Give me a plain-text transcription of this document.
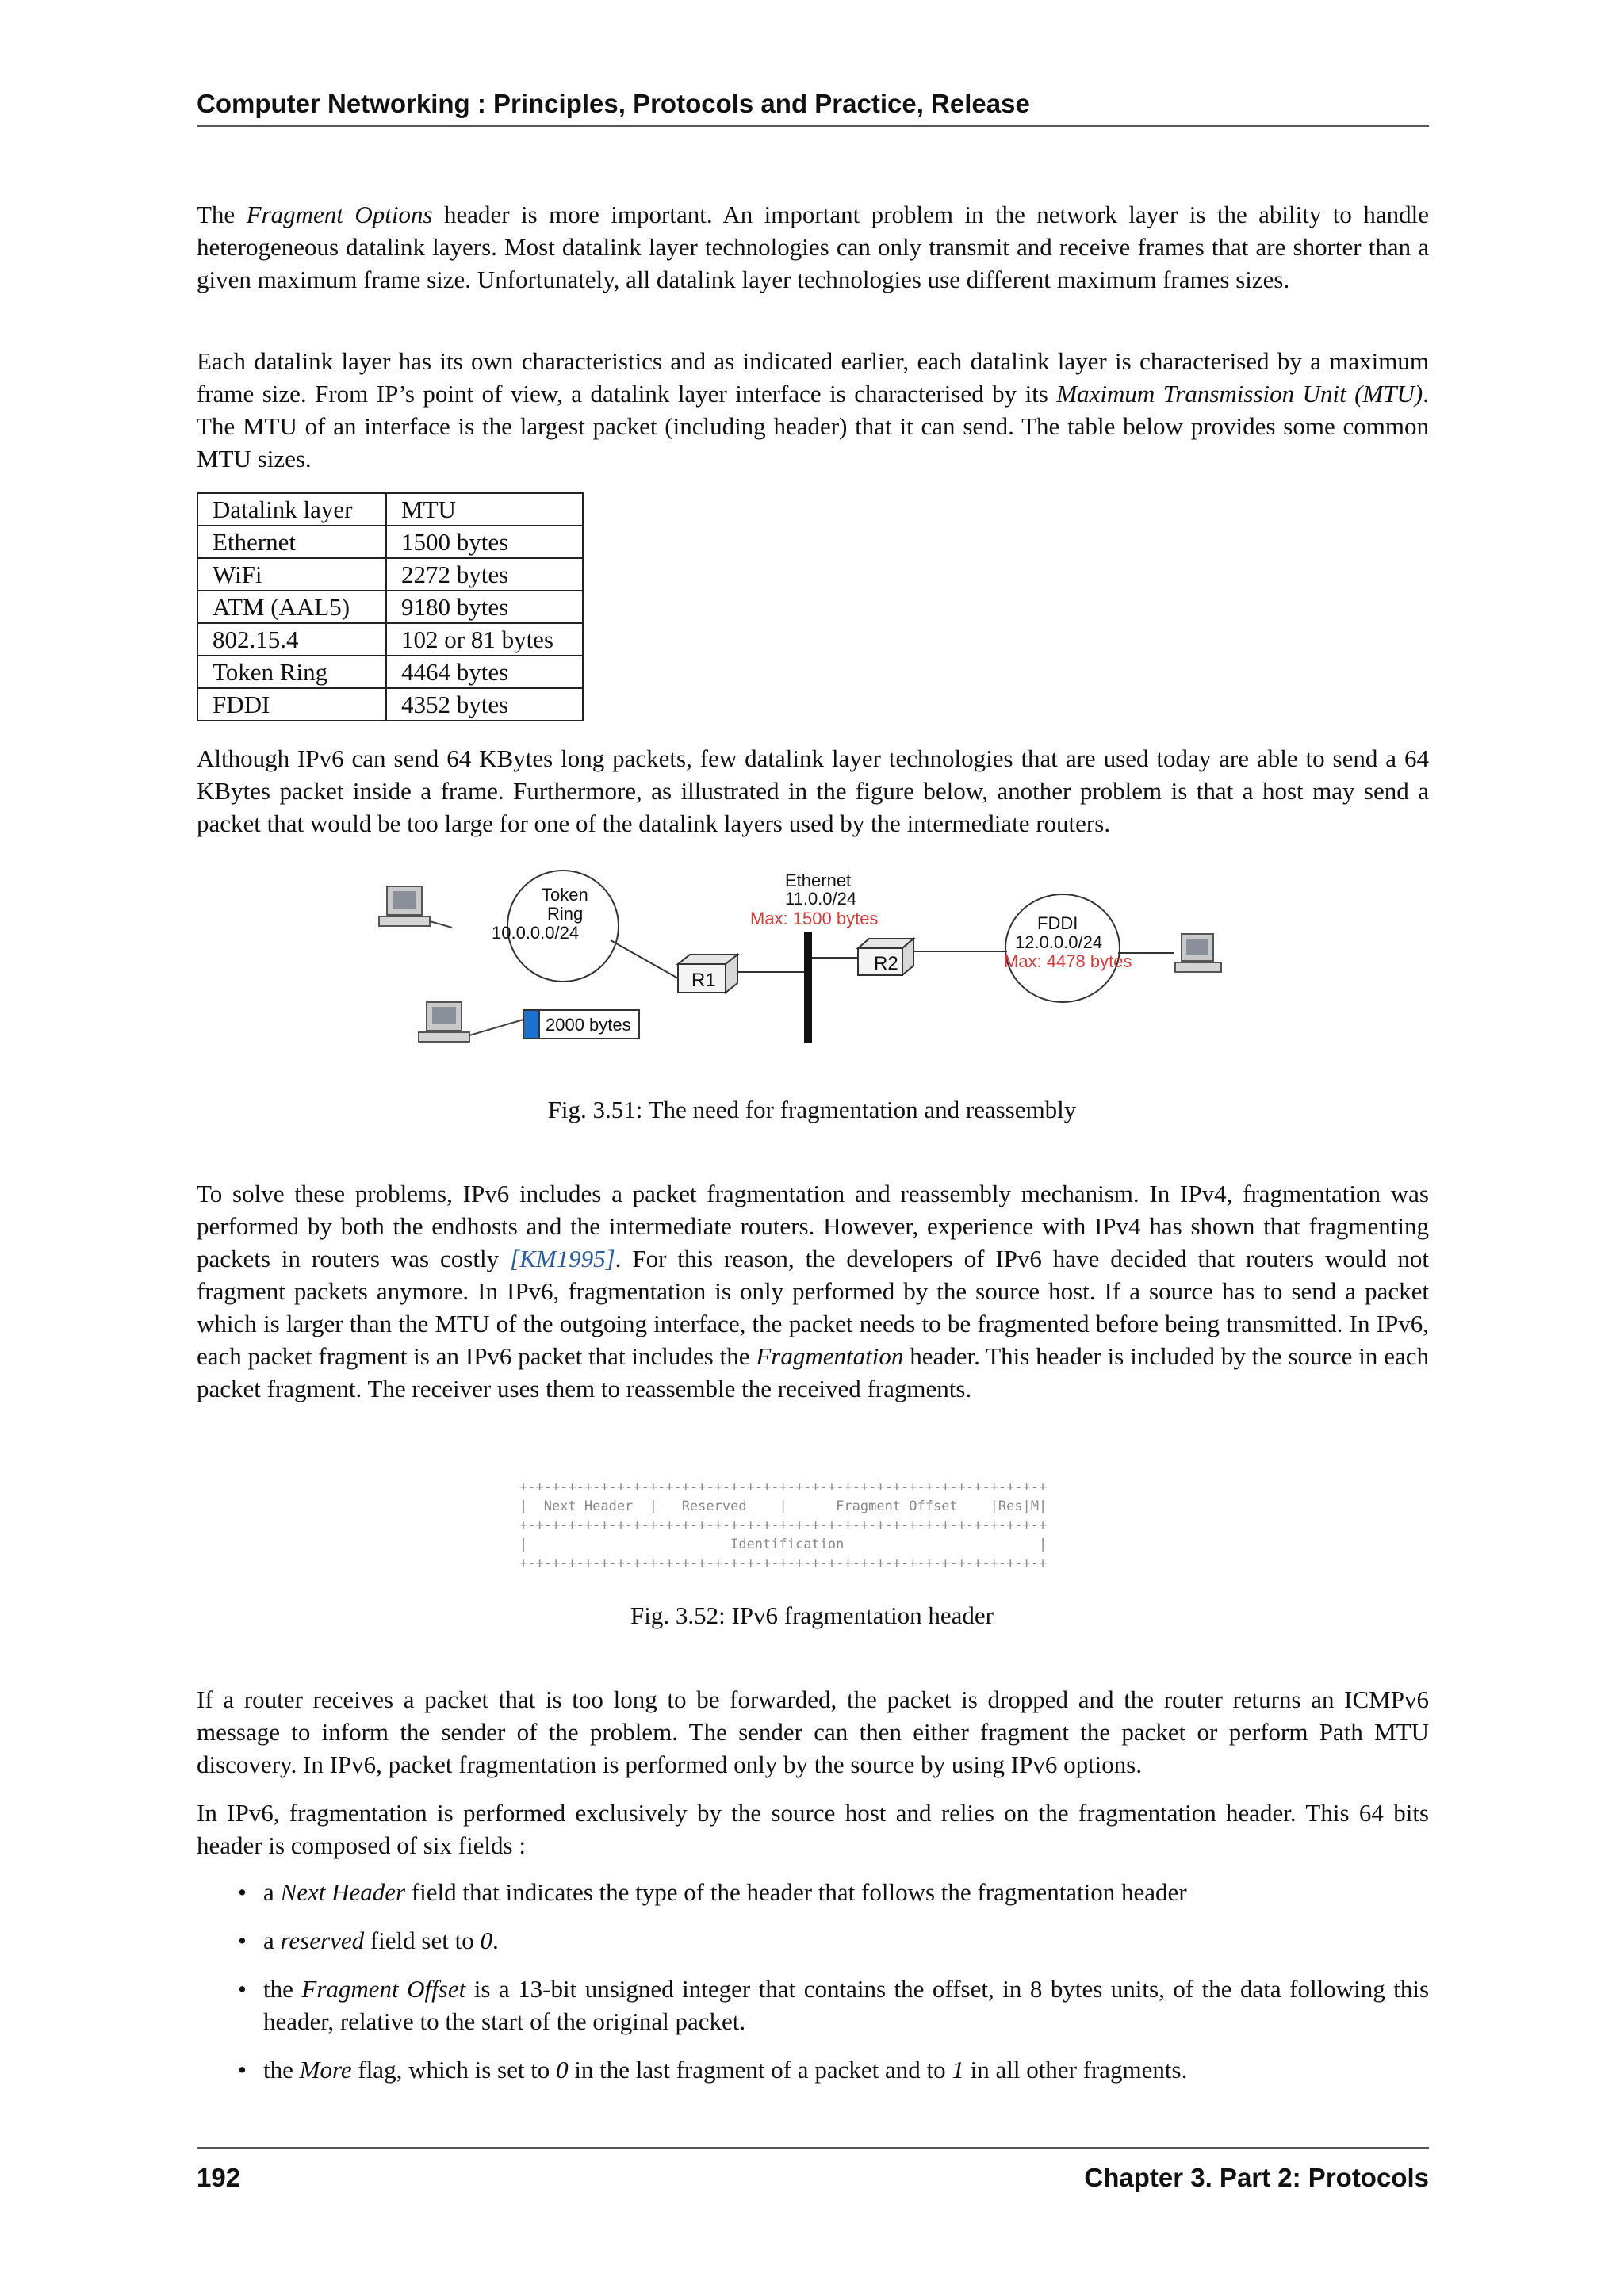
Computer Networking : Principles, Protocols and Practice, Release

The Fragment Options header is more important. An important problem in the network layer is the ability to handle heterogeneous datalink layers. Most datalink layer technologies can only transmit and receive frames that are shorter than a given maximum frame size. Unfortunately, all datalink layer technologies use different maximum frames sizes.

Each datalink layer has its own characteristics and as indicated earlier, each datalink layer is characterised by a maximum frame size. From IP’s point of view, a datalink layer interface is characterised by its Maximum Transmission Unit (MTU). The MTU of an interface is the largest packet (including header) that it can send. The table below provides some common MTU sizes.

Datalink layer	MTU
Ethernet	1500 bytes
WiFi	2272 bytes
ATM (AAL5)	9180 bytes
802.15.4	102 or 81 bytes
Token Ring	4464 bytes
FDDI	4352 bytes

Although IPv6 can send 64 KBytes long packets, few datalink layer technologies that are used today are able to send a 64 KBytes packet inside a frame. Furthermore, as illustrated in the figure below, another problem is that a host may send a packet that would be too large for one of the datalink layers used by the intermediate routers.

Token
Ring
10.0.0.0/24
R1
Ethernet
11.0.0/24
Max: 1500 bytes
R2
FDDI
12.0.0.0/24
Max: 4478 bytes
2000 bytes
Fig. 3.51: The need for fragmentation and reassembly

To solve these problems, IPv6 includes a packet fragmentation and reassembly mechanism. In IPv4, fragmentation was performed by both the endhosts and the intermediate routers. However, experience with IPv4 has shown that fragmenting packets in routers was costly [KM1995]. For this reason, the developers of IPv6 have decided that routers would not fragment packets anymore. In IPv6, fragmentation is only performed by the source host. If a source has to send a packet which is larger than the MTU of the outgoing interface, the packet needs to be fragmented before being transmitted. In IPv6, each packet fragment is an IPv6 packet that includes the Fragmentation header. This header is included by the source in each packet fragment. The receiver uses them to reassemble the received fragments.

+-+-+-+-+-+-+-+-+-+-+-+-+-+-+-+-+-+-+-+-+-+-+-+-+-+-+-+-+-+-+-+-+
|  Next Header  |   Reserved    |      Fragment Offset    |Res|M|
+-+-+-+-+-+-+-+-+-+-+-+-+-+-+-+-+-+-+-+-+-+-+-+-+-+-+-+-+-+-+-+-+
|                         Identification                        |
+-+-+-+-+-+-+-+-+-+-+-+-+-+-+-+-+-+-+-+-+-+-+-+-+-+-+-+-+-+-+-+-+
Fig. 3.52: IPv6 fragmentation header

If a router receives a packet that is too long to be forwarded, the packet is dropped and the router returns an ICMPv6 message to inform the sender of the problem. The sender can then either fragment the packet or perform Path MTU discovery. In IPv6, packet fragmentation is performed only by the source by using IPv6 options.

In IPv6, fragmentation is performed exclusively by the source host and relies on the fragmentation header. This 64 bits header is composed of six fields :

• a Next Header field that indicates the type of the header that follows the fragmentation header
• a reserved field set to 0.
• the Fragment Offset is a 13-bit unsigned integer that contains the offset, in 8 bytes units, of the data following this header, relative to the start of the original packet.
• the More flag, which is set to 0 in the last fragment of a packet and to 1 in all other fragments.
192	Chapter 3. Part 2: Protocols
